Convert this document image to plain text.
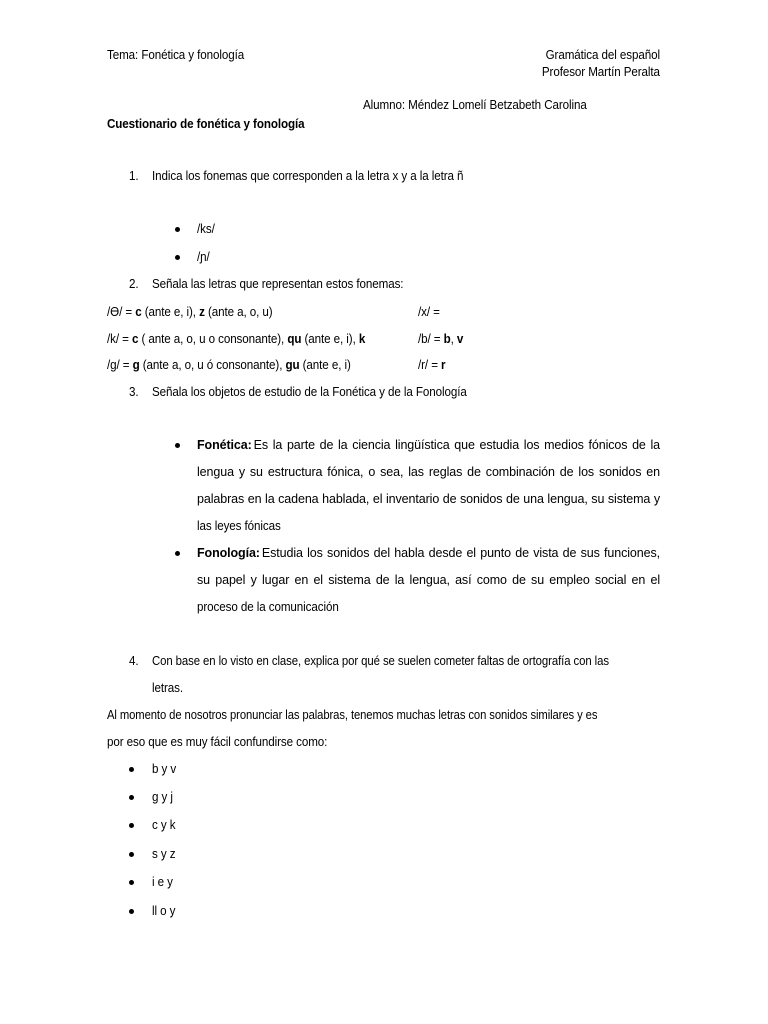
Tema: Fonética y fonología	Gramática del español
Profesor Martín Peralta
Alumno: Méndez Lomelí Betzabeth Carolina
Cuestionario de fonética y fonología
1. Indica los fonemas que corresponden a la letra x y a la letra ñ
/ks/
/ɲ/
2. Señala las letras que representan estos fonemas:
/Ɵ/ = c (ante e, i), z (ante a, o, u)	/x/ =
/k/ = c ( ante a, o, u o consonante), qu (ante e, i), k	/b/ = b, v
/g/ = g (ante a, o, u ó consonante), gu (ante e, i)	/r/ = r
3. Señala los objetos de estudio de la Fonética y de la Fonología
Fonética: Es la parte de la ciencia lingüística que estudia los medios fónicos de la
lengua y su estructura fónica, o sea, las reglas de combinación de los sonidos en
palabras en la cadena hablada, el inventario de sonidos de una lengua, su sistema y
las leyes fónicas
Fonología: Estudia los sonidos del habla desde el punto de vista de sus funciones,
su papel y lugar en el sistema de la lengua, así como de su empleo social en el
proceso de la comunicación
4. Con base en lo visto en clase, explica por qué se suelen cometer faltas de ortografía con las
letras.
Al momento de nosotros pronunciar las palabras, tenemos muchas letras con sonidos similares y es
por eso que es muy fácil confundirse como:
b y v
g y j
c y k
s y z
i e y
ll o y
